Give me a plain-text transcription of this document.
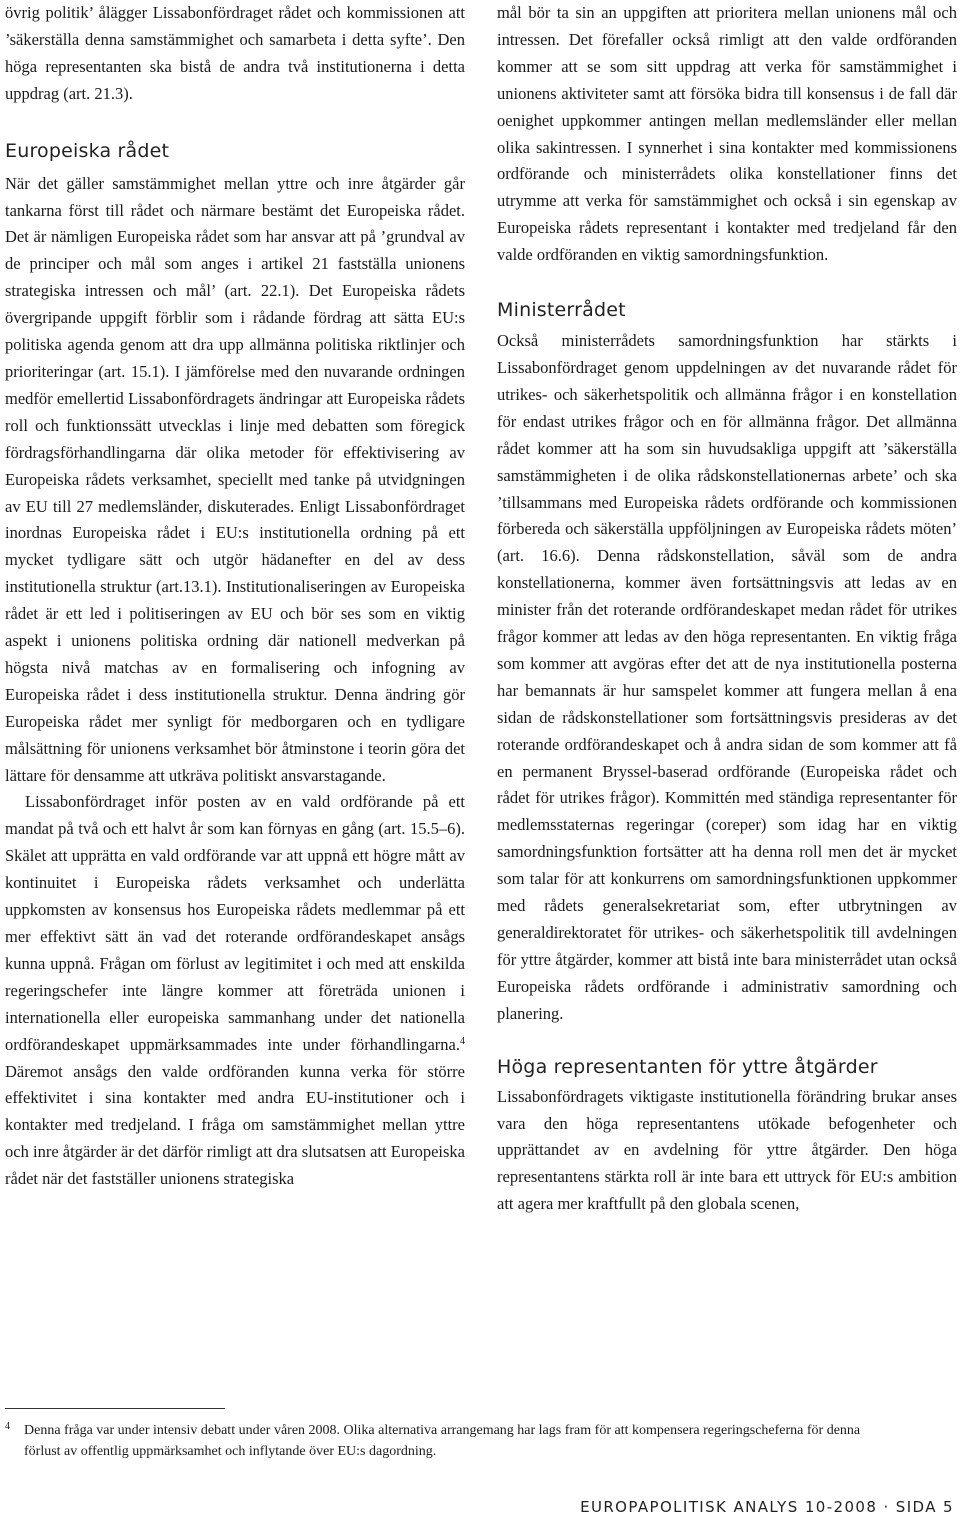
övrig politik’ ålägger Lissabonfördraget rådet och kommissionen att ’säkerställa denna samstämmighet och samarbeta i detta syfte’. Den höga representanten ska bistå de andra två institutionerna i detta uppdrag (art. 21.3).

Europeiska rådet

När det gäller samstämmighet mellan yttre och inre åtgärder går tankarna först till rådet och närmare bestämt det Europeiska rådet. Det är nämligen Europeiska rådet som har ansvar att på ’grundval av de principer och mål som anges i artikel 21 fastställa unionens strategiska intressen och mål’ (art. 22.1). Det Europeiska rådets övergripande uppgift förblir som i rådande fördrag att sätta EU:s politiska agenda genom att dra upp allmänna politiska riktlinjer och prioriteringar (art. 15.1). I jämförelse med den nuvarande ordningen medför emellertid Lissabonfördragets ändringar att Europeiska rådets roll och funktionssätt utvecklas i linje med debatten som föregick fördragsförhandlingarna där olika metoder för effektivisering av Europeiska rådets verksamhet, speciellt med tanke på utvidgningen av EU till 27 medlemsländer, diskuterades. Enligt Lissabonfördraget inordnas Europeiska rådet i EU:s institutionella ordning på ett mycket tydligare sätt och utgör hädanefter en del av dess institutionella struktur (art.13.1). Institutionaliseringen av Europeiska rådet är ett led i politiseringen av EU och bör ses som en viktig aspekt i unionens politiska ordning där nationell medverkan på högsta nivå matchas av en formalisering och infogning av Europeiska rådet i dess institutionella struktur. Denna ändring gör Europeiska rådet mer synligt för medborgaren och en tydligare målsättning för unionens verksamhet bör åtminstone i teorin göra det lättare för densamme att utkräva politiskt ansvarstagande.

Lissabonfördraget inför posten av en vald ordförande på ett mandat på två och ett halvt år som kan förnyas en gång (art. 15.5–6). Skälet att upprätta en vald ordförande var att uppnå ett högre mått av kontinuitet i Europeiska rådets verksamhet och underlätta uppkomsten av konsensus hos Europeiska rådets medlemmar på ett mer effektivt sätt än vad det roterande ordförandeskapet ansågs kunna uppnå. Frågan om förlust av legitimitet i och med att enskilda regeringschefer inte längre kommer att företräda unionen i internationella eller europeiska sammanhang under det nationella ordförandeskapet uppmärksammades inte under förhandlingarna.$^4$ Däremot ansågs den valde ordföranden kunna verka för större effektivitet i sina kontakter med andra EU-institutioner och i kontakter med tredjeland. I fråga om samstämmighet mellan yttre och inre åtgärder är det därför rimligt att dra slutsatsen att Europeiska rådet när det fastställer unionens strategiska

mål bör ta sin an uppgiften att prioritera mellan unionens mål och intressen. Det förefaller också rimligt att den valde ordföranden kommer att se som sitt uppdrag att verka för samstämmighet i unionens aktiviteter samt att försöka bidra till konsensus i de fall där oenighet uppkommer antingen mellan medlemsländer eller mellan olika sakintressen. I synnerhet i sina kontakter med kommissionens ordförande och ministerrådets olika konstellationer finns det utrymme att verka för samstämmighet och också i sin egenskap av Europeiska rådets representant i kontakter med tredjeland får den valde ordföranden en viktig samordningsfunktion.

Ministerrådet

Också ministerrådets samordningsfunktion har stärkts i Lissabonfördraget genom uppdelningen av det nuvarande rådet för utrikes- och säkerhetspolitik och allmänna frågor i en konstellation för endast utrikes frågor och en för allmänna frågor. Det allmänna rådet kommer att ha som sin huvudsakliga uppgift att ’säkerställa samstämmigheten i de olika rådskonstellationernas arbete’ och ska ’tillsammans med Europeiska rådets ordförande och kommissionen förbereda och säkerställa uppföljningen av Europeiska rådets möten’ (art. 16.6). Denna rådskonstellation, såväl som de andra konstellationerna, kommer även fortsättningsvis att ledas av en minister från det roterande ordförandeskapet medan rådet för utrikes frågor kommer att ledas av den höga representanten. En viktig fråga som kommer att avgöras efter det att de nya institutionella posterna har bemannats är hur samspelet kommer att fungera mellan å ena sidan de rådskonstellationer som fortsättningsvis presideras av det roterande ordförandeskapet och å andra sidan de som kommer att få en permanent Bryssel-baserad ordförande (Europeiska rådet och rådet för utrikes frågor). Kommittén med ständiga representanter för medlemsstaternas regeringar (coreper) som idag har en viktig samordningsfunktion fortsätter att ha denna roll men det är mycket som talar för att konkurrens om samordningsfunktionen uppkommer med rådets generalsekretariat som, efter utbrytningen av generaldirektoratet för utrikes- och säkerhetspolitik till avdelningen för yttre åtgärder, kommer att bistå inte bara ministerrådet utan också Europeiska rådets ordförande i administrativ samordning och planering.

Höga representanten för yttre åtgärder

Lissabonfördragets viktigaste institutionella förändring brukar anses vara den höga representantens utökade befogenheter och upprättandet av en avdelning för yttre åtgärder. Den höga representantens stärkta roll är inte bara ett uttryck för EU:s ambition att agera mer kraftfullt på den globala scenen,

4 Denna fråga var under intensiv debatt under våren 2008. Olika alternativa arrangemang har lags fram för att kompensera regeringscheferna för denna förlust av offentlig uppmärksamhet och inflytande över EU:s dagordning.
EUROPAPOLITISK ANALYS 10-2008 · SIDA 5
